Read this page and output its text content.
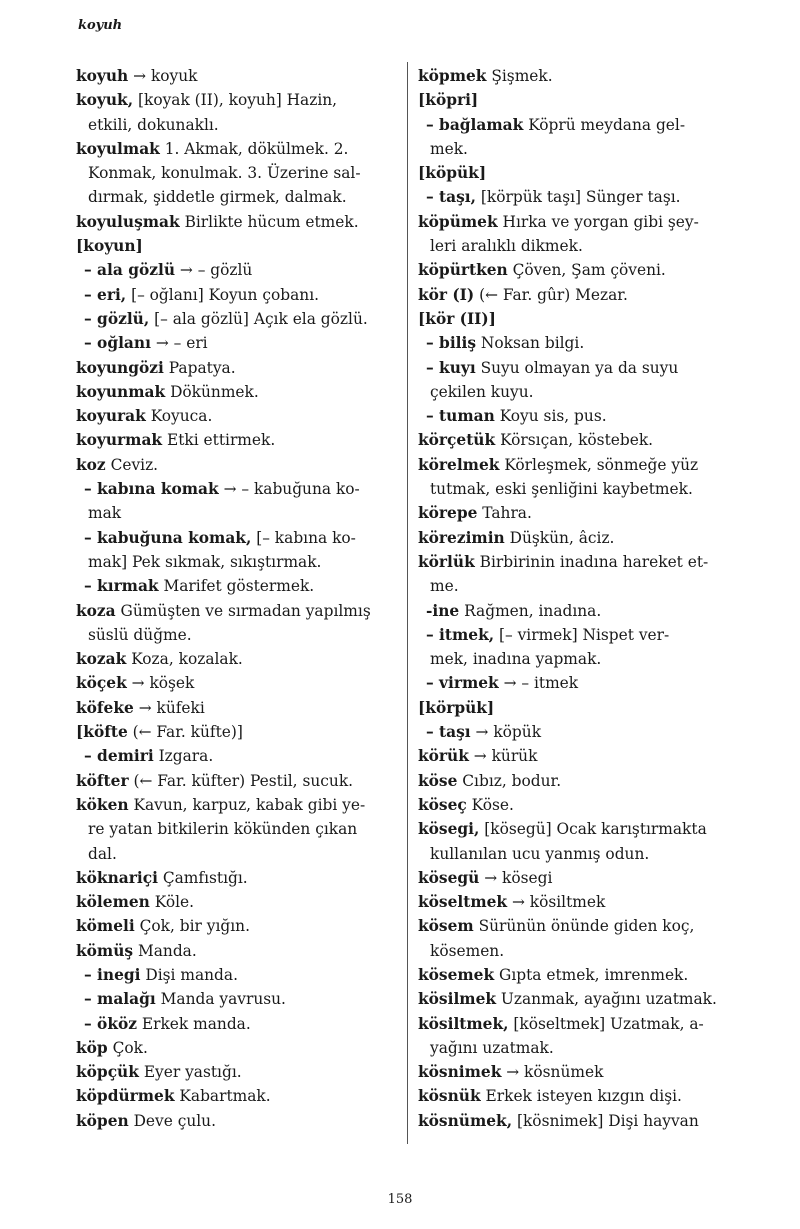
koyuh
koyuh → koyuk
koyuk, [koyak (II), koyuh] Hazin,
etkili, dokunaklı.
koyulmak 1. Akmak, dökülmek. 2.
Konmak, konulmak. 3. Üzerine sal-
dırmak, şiddetle girmek, dalmak.
koyuluşmak Birlikte hücum etmek.
[koyun]
– ala gözlü → – gözlü
– eri, [– oğlanı] Koyun çobanı.
– gözlü, [– ala gözlü] Açık ela gözlü.
– oğlanı → – eri
koyungözi Papatya.
koyunmak Dökünmek.
koyurak Koyuca.
koyurmak Etki ettirmek.
koz Ceviz.
– kabına komak → – kabuğuna ko-
mak
– kabuğuna komak, [– kabına ko-
mak] Pek sıkmak, sıkıştırmak.
– kırmak Marifet göstermek.
koza Gümüşten ve sırmadan yapılmış
süslü düğme.
kozak Koza, kozalak.
köçek → köşek
köfeke → küfeki
[köfte (← Far. küfte)]
– demiri Izgara.
köfter (← Far. küfter) Pestil, sucuk.
köken Kavun, karpuz, kabak gibi ye-
re yatan bitkilerin kökünden çıkan
dal.
köknariçi Çamfıstığı.
kölemen Köle.
kömeli Çok, bir yığın.
kömüş Manda.
– inegi Dişi manda.
– malağı Manda yavrusu.
– ököz Erkek manda.
köp Çok.
köpçük Eyer yastığı.
köpdürmek Kabartmak.
köpen Deve çulu.
köpmek Şişmek.
[köpri]
– bağlamak Köprü meydana gel-
mek.
[köpük]
– taşı, [körpük taşı] Sünger taşı.
köpümek Hırka ve yorgan gibi şey-
leri aralıklı dikmek.
köpürtken Çöven, Şam çöveni.
kör (I) (← Far. gûr) Mezar.
[kör (II)]
– biliş Noksan bilgi.
– kuyı Suyu olmayan ya da suyu
çekilen kuyu.
– tuman Koyu sis, pus.
körçetük Körsıçan, köstebek.
körelmek Körleşmek, sönmeğe yüz
tutmak, eski şenliğini kaybetmek.
körepe Tahra.
körezimin Düşkün, âciz.
körlük Birbirinin inadına hareket et-
me.
-ine Rağmen, inadına.
– itmek, [– virmek] Nispet ver-
mek, inadına yapmak.
– virmek → – itmek
[körpük]
– taşı → köpük
körük → kürük
köse Cıbız, bodur.
köseç Köse.
kösegi, [kösegü] Ocak karıştırmakta
kullanılan ucu yanmış odun.
kösegü → kösegi
köseltmek → kösiltmek
kösem Sürünün önünde giden koç,
kösemen.
kösemek Gıpta etmek, imrenmek.
kösilmek Uzanmak, ayağını uzatmak.
kösiltmek, [köseltmek] Uzatmak, a-
yağını uzatmak.
kösnimek → kösnümek
kösnük Erkek isteyen kızgın dişi.
kösnümek, [kösnimek] Dişi hayvan
158
